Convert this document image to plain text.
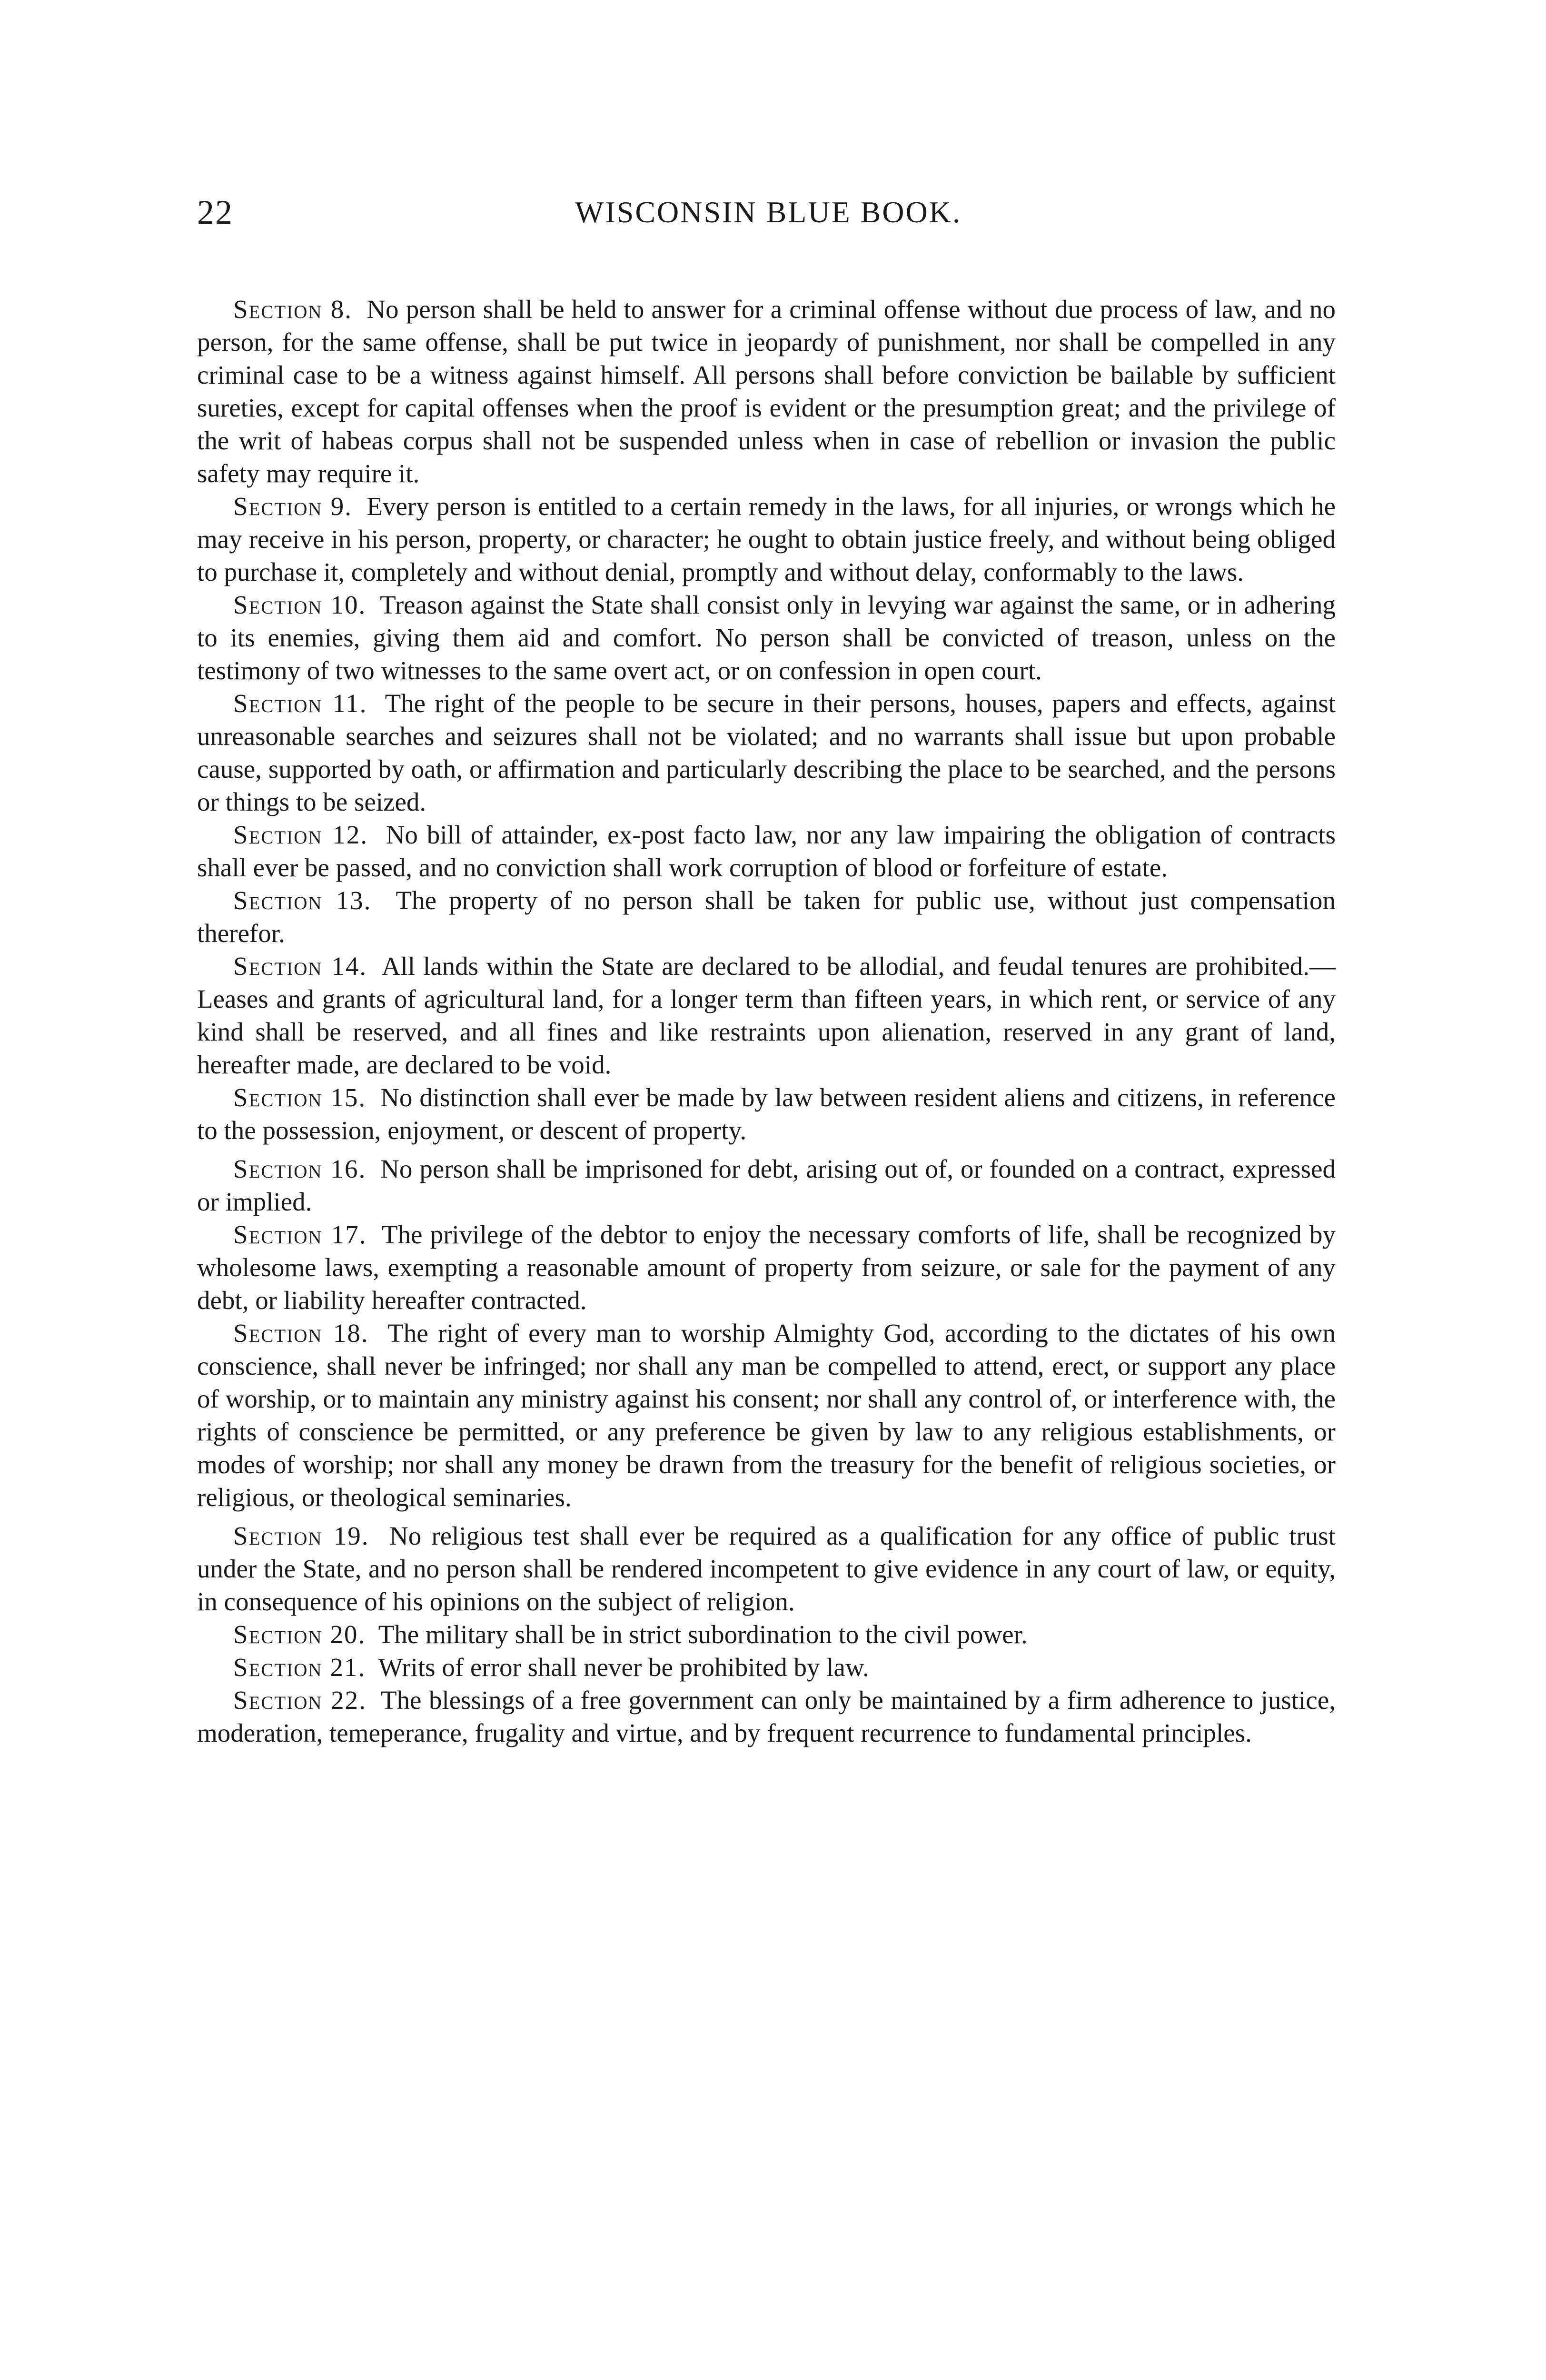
22	WISCONSIN BLUE BOOK.

Section 8. No person shall be held to answer for a criminal offense without due process of law, and no person, for the same offense, shall be put twice in jeopardy of punishment, nor shall be compelled in any criminal case to be a witness against himself. All persons shall before conviction be bailable by sufficient sureties, except for capital offenses when the proof is evident or the presumption great; and the privilege of the writ of habeas corpus shall not be suspended unless when in case of rebellion or invasion the public safety may require it.

Section 9. Every person is entitled to a certain remedy in the laws, for all injuries, or wrongs which he may receive in his person, property, or character; he ought to obtain justice freely, and without being obliged to purchase it, completely and without denial, promptly and without delay, conformably to the laws.

Section 10. Treason against the State shall consist only in levying war against the same, or in adhering to its enemies, giving them aid and comfort. No person shall be convicted of treason, unless on the testimony of two witnesses to the same overt act, or on confession in open court.

Section 11. The right of the people to be secure in their persons, houses, papers and effects, against unreasonable searches and seizures shall not be violated; and no warrants shall issue but upon probable cause, supported by oath, or affirmation and particularly describing the place to be searched, and the persons or things to be seized.

Section 12. No bill of attainder, ex-post facto law, nor any law impairing the obligation of contracts shall ever be passed, and no conviction shall work corruption of blood or forfeiture of estate.

Section 13. The property of no person shall be taken for public use, without just compensation therefor.

Section 14. All lands within the State are declared to be allodial, and feudal tenures are prohibited.—Leases and grants of agricultural land, for a longer term than fifteen years, in which rent, or service of any kind shall be reserved, and all fines and like restraints upon alienation, reserved in any grant of land, hereafter made, are declared to be void.

Section 15. No distinction shall ever be made by law between resident aliens and citizens, in reference to the possession, enjoyment, or descent of property.

Section 16. No person shall be imprisoned for debt, arising out of, or founded on a contract, expressed or implied.

Section 17. The privilege of the debtor to enjoy the necessary comforts of life, shall be recognized by wholesome laws, exempting a reasonable amount of property from seizure, or sale for the payment of any debt, or liability hereafter contracted.

Section 18. The right of every man to worship Almighty God, according to the dictates of his own conscience, shall never be infringed; nor shall any man be compelled to attend, erect, or support any place of worship, or to maintain any ministry against his consent; nor shall any control of, or interference with, the rights of conscience be permitted, or any preference be given by law to any religious establishments, or modes of worship; nor shall any money be drawn from the treasury for the benefit of religious societies, or religious, or theological seminaries.

Section 19. No religious test shall ever be required as a qualification for any office of public trust under the State, and no person shall be rendered incompetent to give evidence in any court of law, or equity, in consequence of his opinions on the subject of religion.

Section 20. The military shall be in strict subordination to the civil power.

Section 21. Writs of error shall never be prohibited by law.

Section 22. The blessings of a free government can only be maintained by a firm adherence to justice, moderation, temeperance, frugality and virtue, and by frequent recurrence to fundamental principles.
